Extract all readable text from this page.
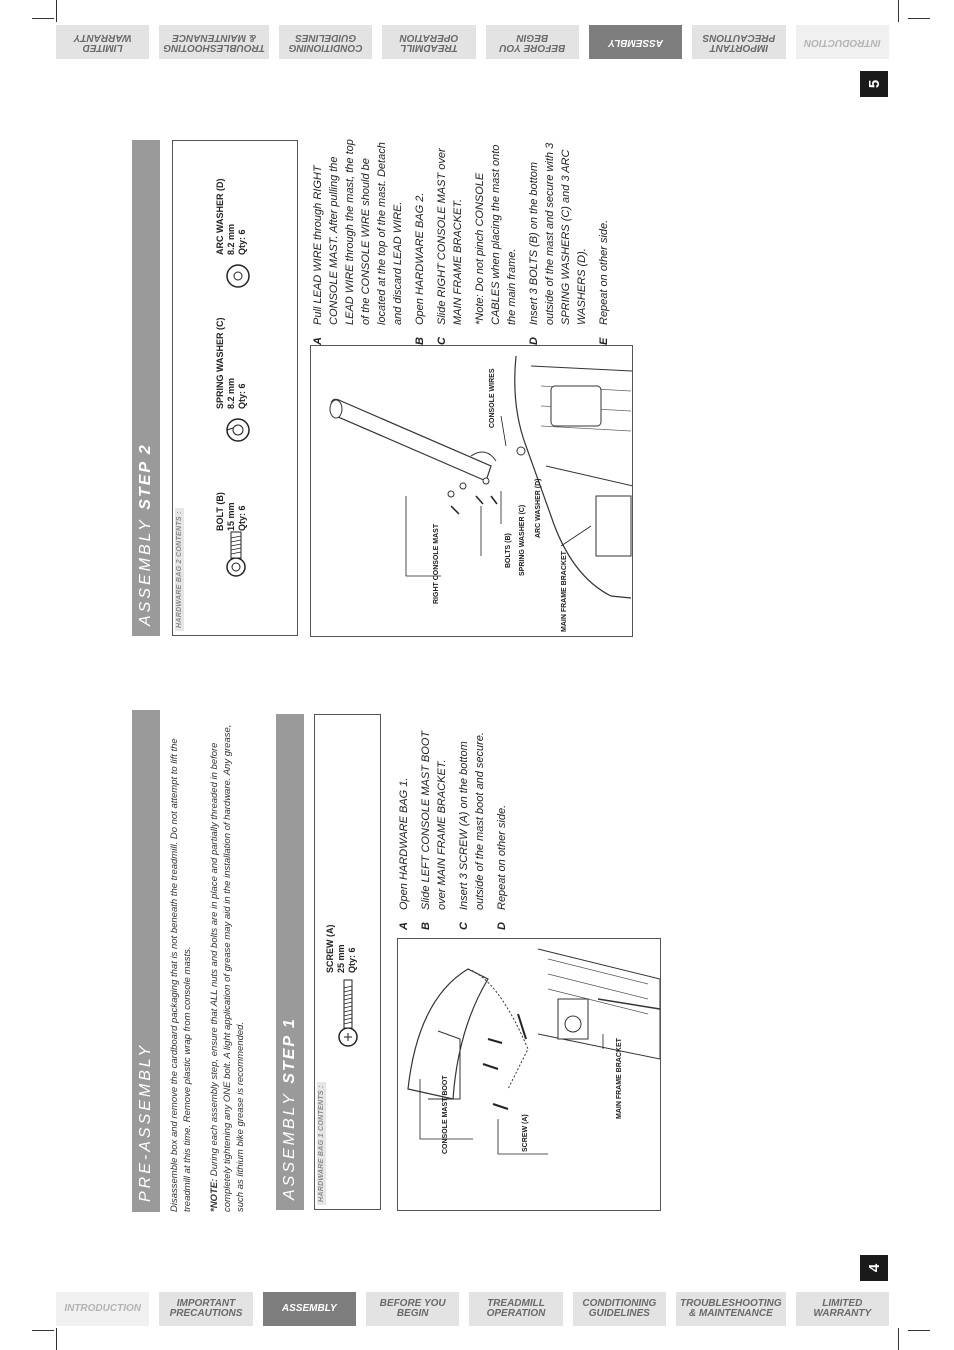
INTRODUCTION
IMPORTANT PRECAUTIONS
ASSEMBLY
BEFORE YOU BEGIN
TREADMILL OPERATION
CONDITIONING GUIDELINES
TROUBLESHOOTING & MAINTENANCE
LIMITED WARRANTY
INTRODUCTION	IMPORTANT PRECAUTIONS	ASSEMBLY	BEFORE YOU BEGIN
TREADMILL OPERATION
CONDITIONING GUIDELINES
TROUBLESHOOTING & MAINTENANCE
LIMITED WARRANTY
5
4
PRE-ASSEMBLY Disassemble box and remove the cardboard packaging that is not beneath the treadmill. Do not attempt to lift the treadmill at this time. Remove plastic wrap from console masts. *NOTE: During each assembly step, ensure that ALL nuts and bolts are in place and partially threaded in before completely tightening any ONE bolt. A light application of grease may aid in the installation of hardware. Any grease, such as lithium bike grease is recommended. ASSEMBLY

STEP 1
HARDWARE BAG 1 CONTENTS :
SCREW (A) 25 mm Qty: 6
A
Open HARDWARE BAG 1.
B
Slide LEFT CONSOLE MAST BOOT over MAIN FRAME BRACKET.
C
Insert 3 SCREW (A) on the bottom outside of the mast boot and secure.
D
Repeat on other side.
CONSOLE MAST BOOT	SCREW (A)
MAIN FRAME BRACKET
ASSEMBLY

STEP 2
HARDWARE BAG 2 CONTENTS :	BOLT (B) 15 mm Qty: 6
SPRING WASHER (C) 8.2 mm Qty: 6
ARC WASHER (D) 8.2 mm Qty: 6
RIGHT CONSOLE MAST	BOLTS (B) SPRING WASHER (C) ARC WASHER (D)
CONSOLE WIRES
MAIN FRAME BRACKET
A
Pull LEAD WIRE through RIGHT CONSOLE MAST. After pulling the LEAD WIRE through the mast, the top of the CONSOLE WIRE should be located at the top of the mast. Detach and discard LEAD WIRE.
B
Open HARDWARE BAG 2.
C
Slide RIGHT CONSOLE MAST over MAIN FRAME BRACKET. *Note: Do not pinch CONSOLE CABLES when placing the mast onto the main frame.
D
Insert 3 BOLTS (B) on the bottom outside of the mast and secure with 3 SPRING WASHERS (C) and 3 ARC WASHERS (D).
E
Repeat on other side.
